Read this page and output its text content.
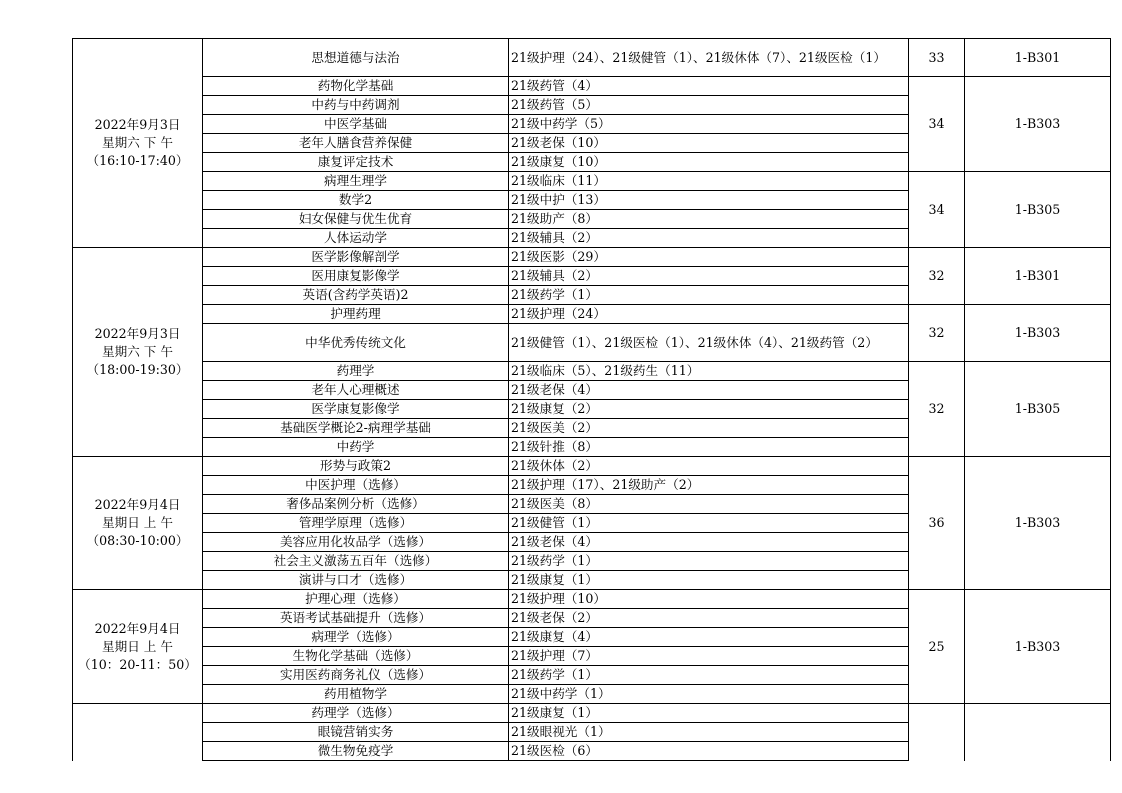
2022年9月3日
星期六 下 午
（16:10-17:40）	思想道德与法治	21级护理（24）、21级健管（1）、21级休体（7）、21级医检（1）	33	1-B301
	药物化学基础	21级药管（4）	34	1-B303
	中药与中药调剂	21级药管（5）		
	中医学基础	21级中药学（5）		
	老年人膳食营养保健	21级老保（10）		
	康复评定技术	21级康复（10）		
	病理生理学	21级临床（11）	34	1-B305
	数学2	21级中护（13）		
	妇女保健与优生优育	21级助产（8）		
	人体运动学	21级辅具（2）		

2022年9月3日
星期六 下 午
（18:00-19:30）	医学影像解剖学	21级医影（29）	32	1-B301
	医用康复影像学	21级辅具（2）		
	英语(含药学英语)2	21级药学（1）		
	护理药理	21级护理（24）	32	1-B303
	中华优秀传统文化	21级健管（1）、21级医检（1）、21级休体（4）、21级药管（2）		
	药理学	21级临床（5）、21级药生（11）	32	1-B305
	老年人心理概述	21级老保（4）		
	医学康复影像学	21级康复（2）		
	基础医学概论2-病理学基础	21级医美（2）		
	中药学	21级针推（8）		

2022年9月4日
星期日 上 午
（08:30-10:00）	形势与政策2	21级休体（2）	36	1-B303
	中医护理（选修）	21级护理（17）、21级助产（2）		
	奢侈品案例分析（选修）	21级医美（8）		
	管理学原理（选修）	21级健管（1）		
	美容应用化妆品学（选修）	21级老保（4）		
	社会主义激荡五百年（选修）	21级药学（1）		
	演讲与口才（选修）	21级康复（1）		

2022年9月4日
星期日 上 午
（10：20-11：50）	护理心理（选修）	21级护理（10）	25	1-B303
	英语考试基础提升（选修）	21级老保（2）		
	病理学（选修）	21级康复（4）		
	生物化学基础（选修）	21级护理（7）		
	实用医药商务礼仪（选修）	21级药学（1）		
	药用植物学	21级中药学（1）		

	药理学（选修）	21级康复（1）		
	眼镜营销实务	21级眼视光（1）		
	微生物免疫学	21级医检（6）		
